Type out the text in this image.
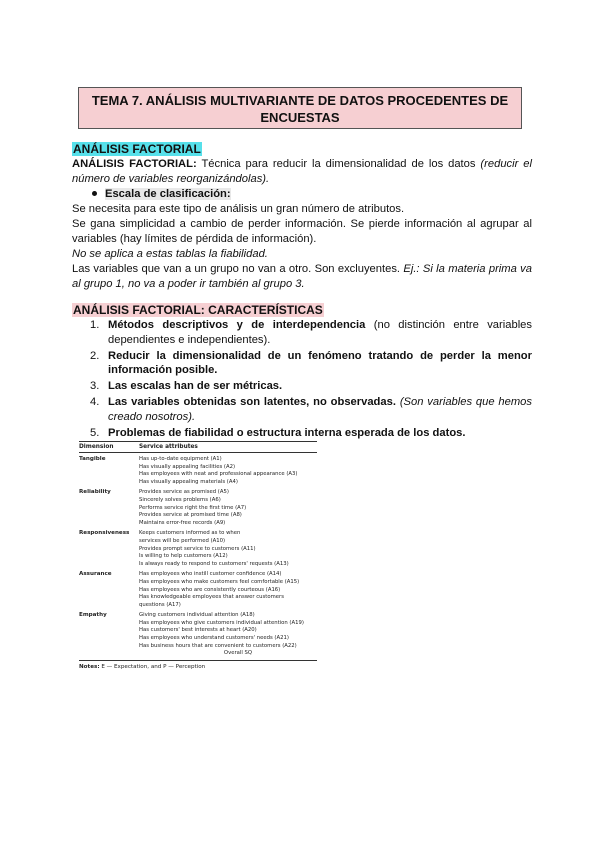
TEMA 7. ANÁLISIS MULTIVARIANTE DE DATOS PROCEDENTES DE
ENCUESTAS
ANÁLISIS FACTORIAL
ANÁLISIS FACTORIAL: Técnica para reducir la dimensionalidad de los datos (reducir el número de variables reorganizándolas).
Escala de clasificación:
Se necesita para este tipo de análisis un gran número de atributos.
Se gana simplicidad a cambio de perder información. Se pierde información al agrupar al variables (hay límites de pérdida de información).
No se aplica a estas tablas la fiabilidad.
Las variables que van a un grupo no van a otro. Son excluyentes. Ej.: Si la materia prima va al grupo 1, no va a poder ir también al grupo 3.
ANÁLISIS FACTORIAL: CARACTERÍSTICAS
1. Métodos descriptivos y de interdependencia (no distinción entre variables dependientes e independientes).
2. Reducir la dimensionalidad de un fenómeno tratando de perder la menor información posible.
3. Las escalas han de ser métricas.
4. Las variables obtenidas son latentes, no observadas. (Son variables que hemos creado nosotros).
5. Problemas de fiabilidad o estructura interna esperada de los datos.
Dimension	Service attributes
Tangible	Has up-to-date equipment (A1)
Has visually appealing facilities (A2)
Has employees with neat and professional appearance (A3)
Has visually appealing materials (A4)
Reliability	Provides service as promised (A5)
Sincerely solves problems (A6)
Performs service right the first time (A7)
Provides service at promised time (A8)
Maintains error-free records (A9)
Responsiveness	Keeps customers informed as to when
services will be performed (A10)
Provides prompt service to customers (A11)
Is willing to help customers (A12)
Is always ready to respond to customers' requests (A13)
Assurance	Has employees who instill customer confidence (A14)
Has employees who make customers feel comfortable (A15)
Has employees who are consistently courteous (A16)
Has knowledgeable employees that answer customers
questions (A17)
Empathy	Giving customers individual attention (A18)
Has employees who give customers individual attention (A19)
Has customers' best interests at heart (A20)
Has employees who understand customers' needs (A21)
Has business hours that are convenient to customers (A22)
Overall SQ
Notes: E — Expectation, and P — Perception
